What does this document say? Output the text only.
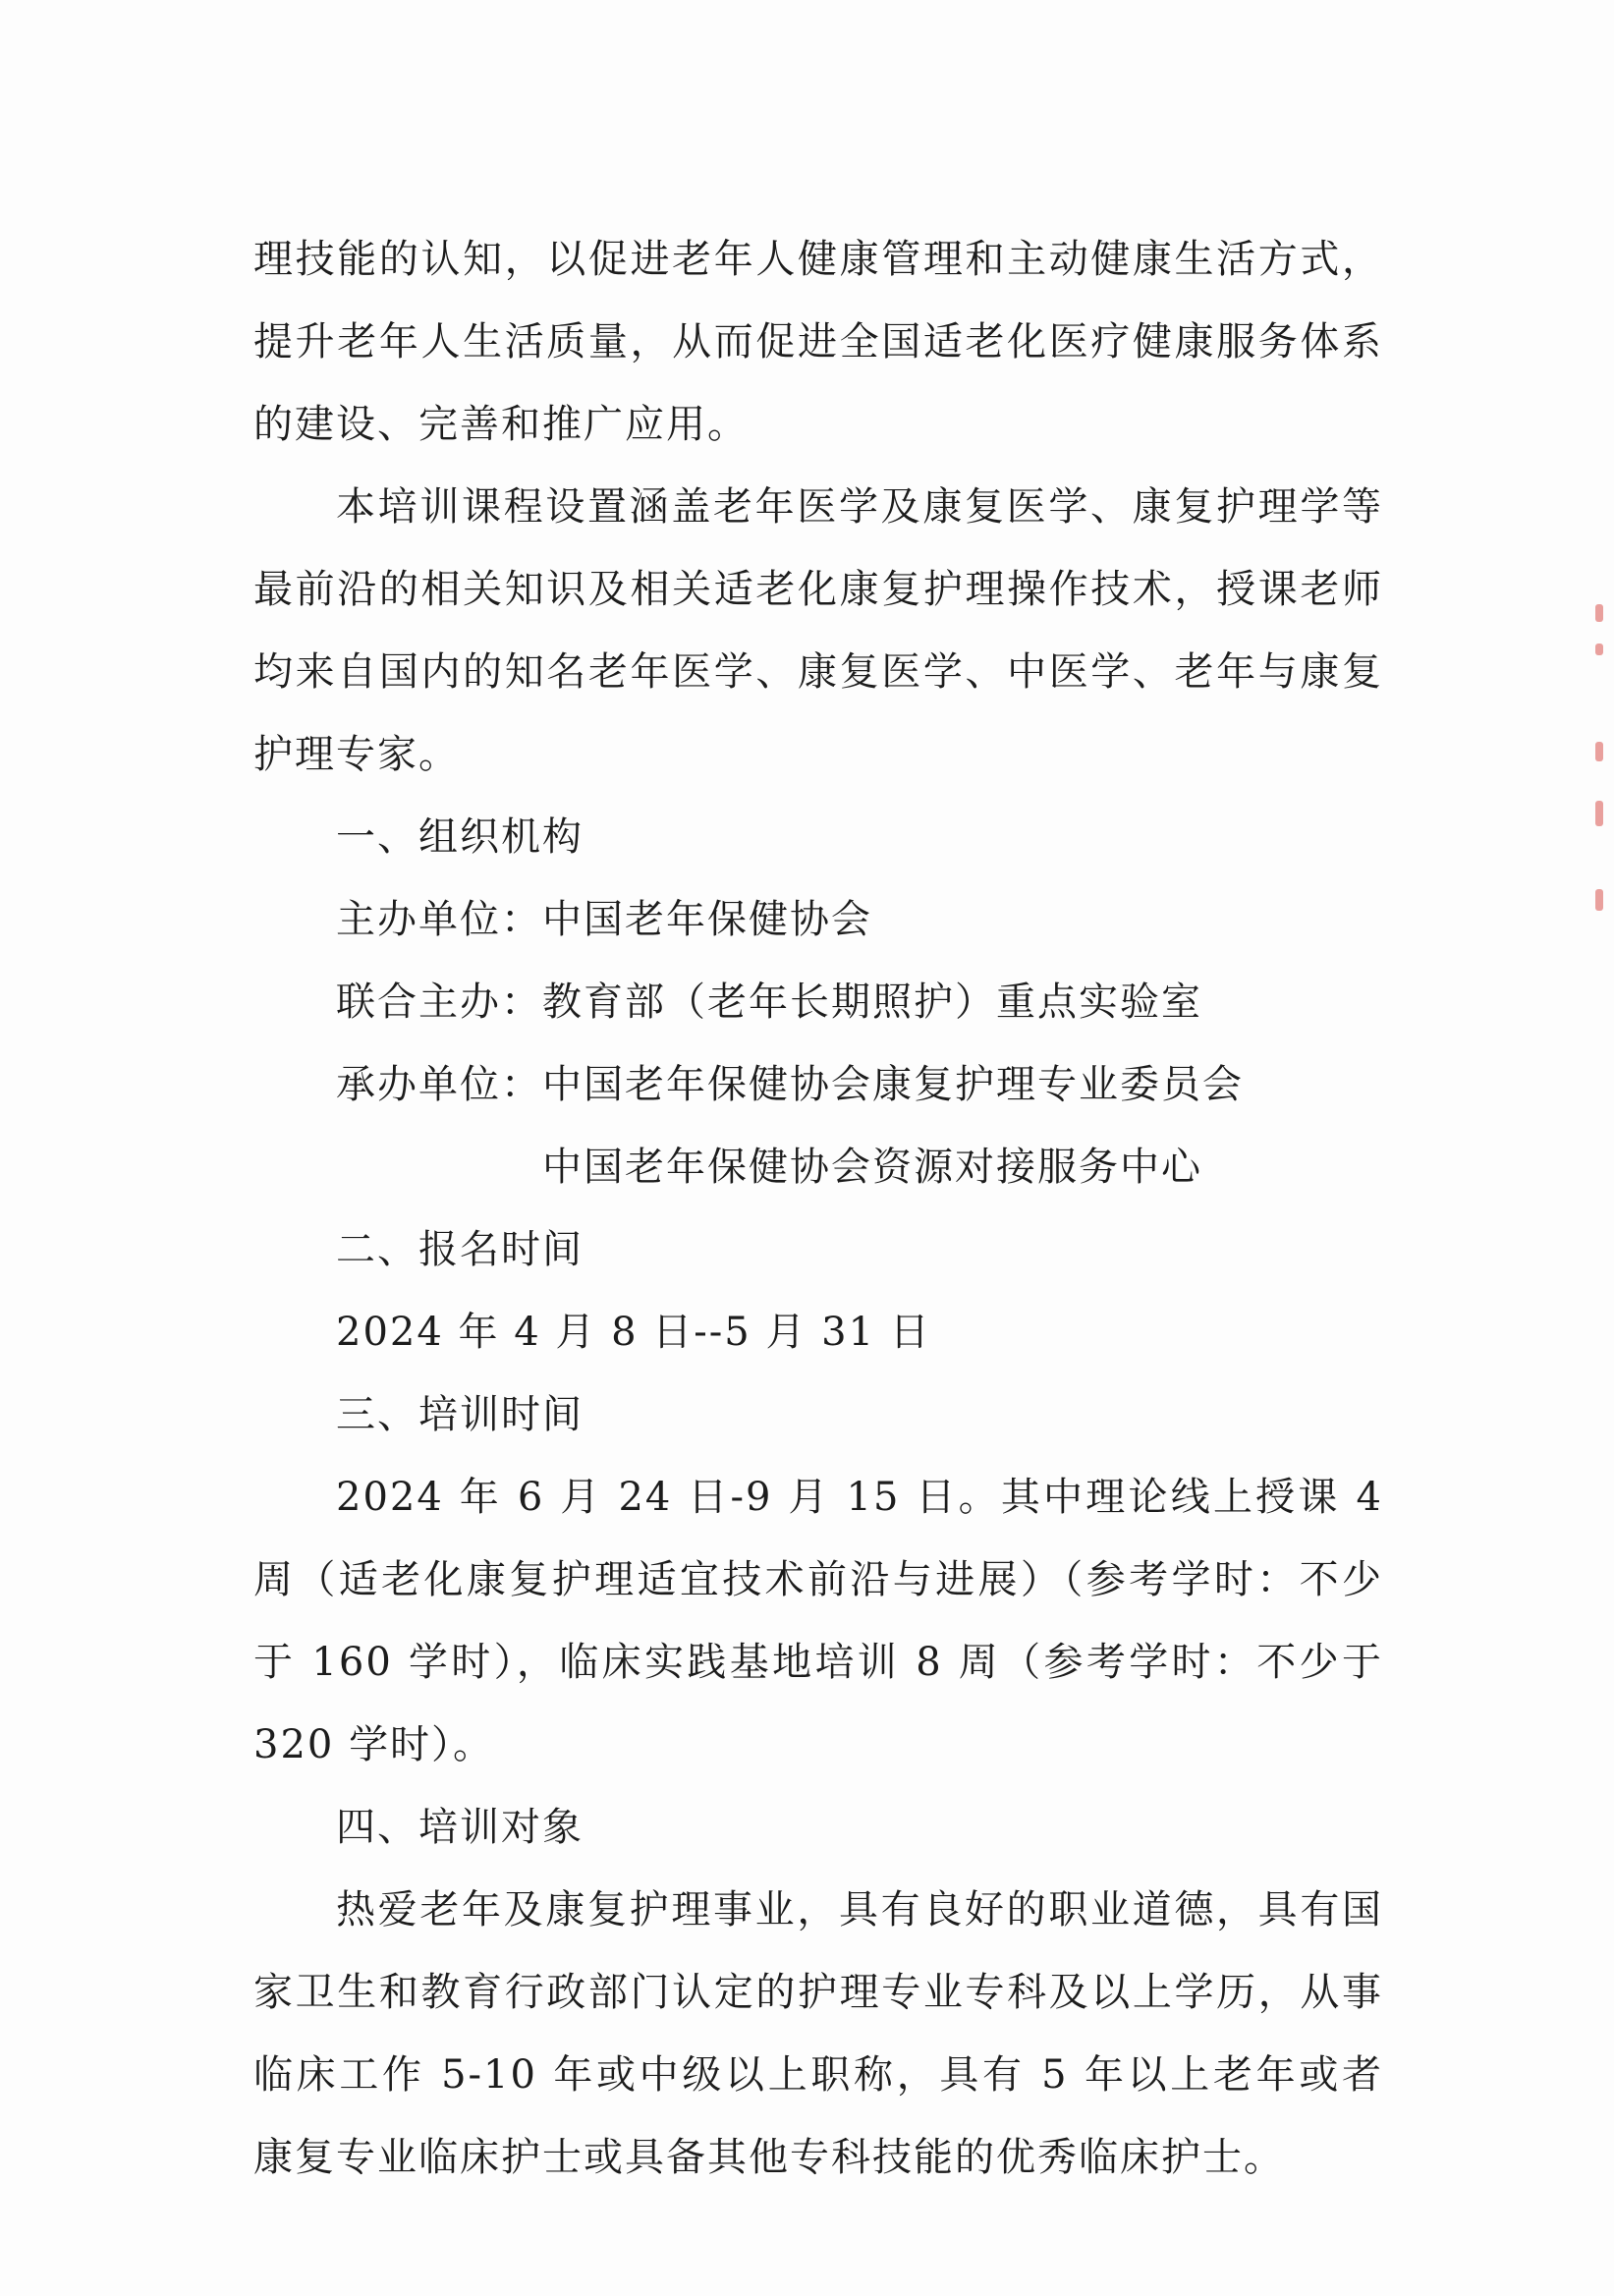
理技能的认知，以促进老年人健康管理和主动健康生活方式，提升老年人生活质量，从而促进全国适老化医疗健康服务体系的建设、完善和推广应用。

本培训课程设置涵盖老年医学及康复医学、康复护理学等最前沿的相关知识及相关适老化康复护理操作技术，授课老师均来自国内的知名老年医学、康复医学、中医学、老年与康复护理专家。

一、组织机构

主办单位：中国老年保健协会

联合主办：教育部（老年长期照护）重点实验室

承办单位：中国老年保健协会康复护理专业委员会

中国老年保健协会资源对接服务中心

二、报名时间

2024 年 4 月 8 日--5 月 31 日

三、培训时间

2024 年 6 月 24 日-9 月 15 日。其中理论线上授课 4 周（适老化康复护理适宜技术前沿与进展）（参考学时：不少于 160 学时），临床实践基地培训 8 周（参考学时：不少于 320 学时）。

四、培训对象

热爱老年及康复护理事业，具有良好的职业道德，具有国家卫生和教育行政部门认定的护理专业专科及以上学历，从事临床工作 5-10 年或中级以上职称，具有 5 年以上老年或者康复专业临床护士或具备其他专科技能的优秀临床护士。
